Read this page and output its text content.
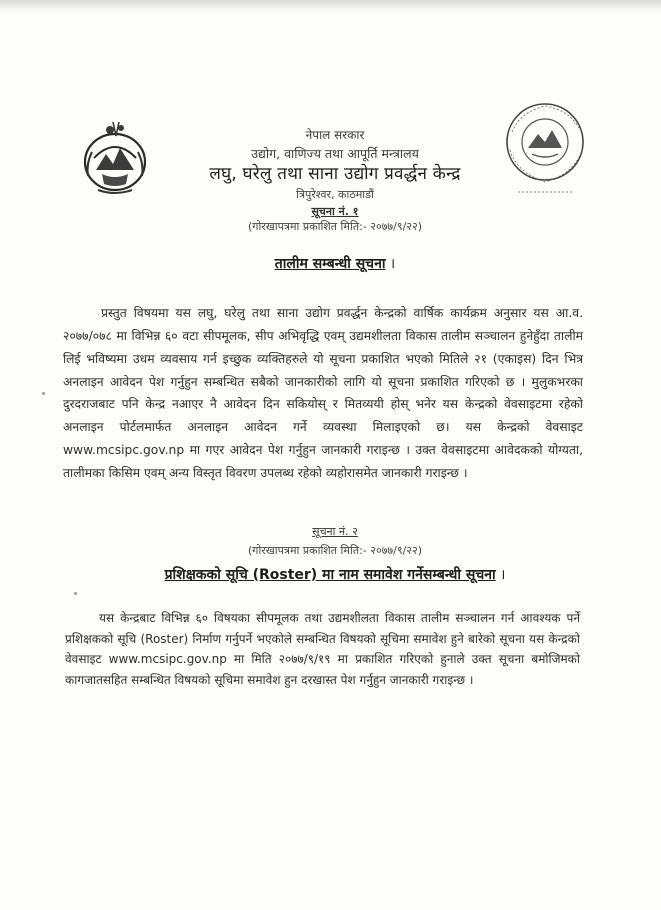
नेपाल सरकार

उद्योग, वाणिज्य तथा आपूर्ति मन्त्रालय

लघु, घरेलु तथा साना उद्योग प्रवर्द्धन केन्द्र

त्रिपुरेश्वर, काठमाडौं

सूचना नं. १

(गोरखापत्रमा प्रकाशित मिति:- २०७७/९/२२)

तालीम सम्बन्धी सूचना ।

प्रस्तुत विषयमा यस लघु, घरेलु तथा साना उद्योग प्रवर्द्धन केन्द्रको वार्षिक कार्यक्रम अनुसार यस आ.व. २०७७/०७८ मा विभिन्न ६० वटा सीपमूलक, सीप अभिवृद्धि एवम् उद्यमशीलता विकास तालीम सञ्चालन हुनेहुँदा तालीम लिई भविष्यमा उधम व्यवसाय गर्न इच्छुक व्यक्तिहरुले यो सूचना प्रकाशित भएको मितिले २१ (एकाइस) दिन भित्र अनलाइन आवेदन पेश गर्नुहुन सम्बन्धित सबैको जानकारीको लागि यो सूचना प्रकाशित गरिएको छ । मुलुकभरका दुरदराजबाट पनि केन्द्र नआएर नै आवेदन दिन सकियोस् र मितव्ययी होस् भनेर यस केन्द्रको वेवसाइटमा रहेको अनलाइन पोर्टलमार्फत अनलाइन आवेदन गर्ने व्यवस्था मिलाइएको छ। यस केन्द्रको वेवसाइट www.mcsipc.gov.np मा गएर आवेदन पेश गर्नुहुन जानकारी गराइन्छ । उक्त वेवसाइटमा आवेदकको योग्यता, तालीमका किसिम एवम् अन्य विस्तृत विवरण उपलब्ध रहेको व्यहोरासमेत जानकारी गराइन्छ ।

सूचना नं. २
(गोरखापत्रमा प्रकाशित मिति:- २०७७/९/२२)
प्रशिक्षकको सूचि (Roster) मा नाम समावेश गर्नेसम्बन्धी सूचना ।

यस केन्द्रबाट विभिन्न ६० विषयका सीपमूलक तथा उद्यमशीलता विकास तालीम सञ्चालन गर्न आवश्यक पर्ने प्रशिक्षकको सूचि (Roster) निर्माण गर्नुपर्ने भएकोले सम्बन्धित विषयको सूचिमा समावेश हुने बारेको सूचना यस केन्द्रको वेवसाइट www.mcsipc.gov.np मा मिति २०७७/९/१९ मा प्रकाशित गरिएको हुनाले उक्त सूचना बमोजिमको कागजातसहित सम्बन्धित विषयको सूचिमा समावेश हुन दरखास्त पेश गर्नुहुन जानकारी गराइन्छ ।
